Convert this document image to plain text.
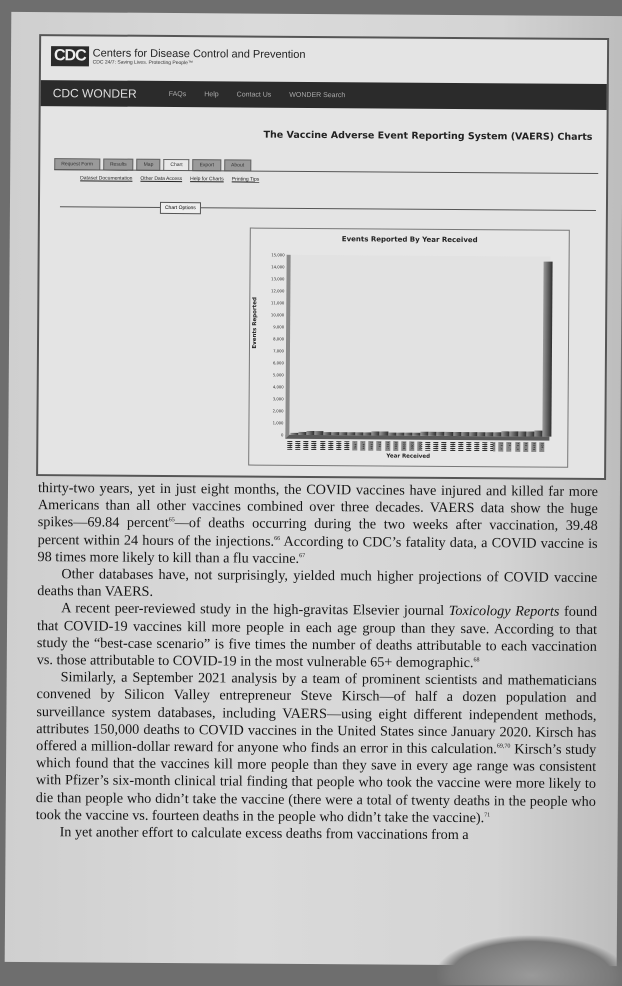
CDC Centers for Disease Control and Prevention
CDC 24/7: Saving Lives. Protecting People™
CDC WONDER	FAQs	Help	Contact Us	WONDER Search
The Vaccine Adverse Event Reporting System (VAERS) Charts
Request Form	Results	Map	Chart	Export	About
Dataset Documentation Other Data Access Help for Charts Printing Tips
Chart Options
Events Reported By Year Received
Events Reported
15,000
14,000
13,000
12,000
11,000
10,000
9,000
8,000
7,000
6,000
5,000
4,000
3,000
2,000
1,000
0
1990	1991	1992	1993	1994	1995	1996	1997	1998	1999	2000	2001	2002	2003	2004	2005	2006	2007	2008	2009	2010	2011	2012	2013	2014	2015	2016	2017	2018	2019	2020	2021
Year Received

thirty-two years, yet in just eight months, the COVID vaccines have injured and killed far more Americans than all other vaccines combined over three decades. VAERS data show the huge spikes—69.84 percent$^{65}$—of deaths occurring during the two weeks after vaccination, 39.48 percent within 24 hours of the injections.$^{66}$ According to CDC’s fatality data, a COVID vaccine is 98 times more likely to kill than a flu vaccine.$^{67}$

Other databases have, not surprisingly, yielded much higher projections of COVID vaccine deaths than VAERS.

A recent peer-reviewed study in the high-gravitas Elsevier journal Toxicology Reports found that COVID-19 vaccines kill more people in each age group than they save. According to that study the “best-case scenario” is five times the number of deaths attributable to each vaccination vs. those attributable to COVID-19 in the most vulnerable 65+ demographic.$^{68}$

Similarly, a September 2021 analysis by a team of prominent scientists and mathematicians convened by Silicon Valley entrepreneur Steve Kirsch—of half a dozen population and surveillance system databases, including VAERS—using eight different independent methods, attributes 150,000 deaths to COVID vaccines in the United States since January 2020. Kirsch has offered a million-dollar reward for anyone who finds an error in this calculation.$^{69,70}$ Kirsch’s study which found that the vaccines kill more people than they save in every age range was consistent with Pfizer’s six-month clinical trial finding that people who took the vaccine were more likely to die than people who didn’t take the vaccine (there were a total of twenty deaths in the people who took the vaccine vs. fourteen deaths in the people who didn’t take the vaccine).$^{71}$

In yet another effort to calculate excess deaths from vaccinations from a
